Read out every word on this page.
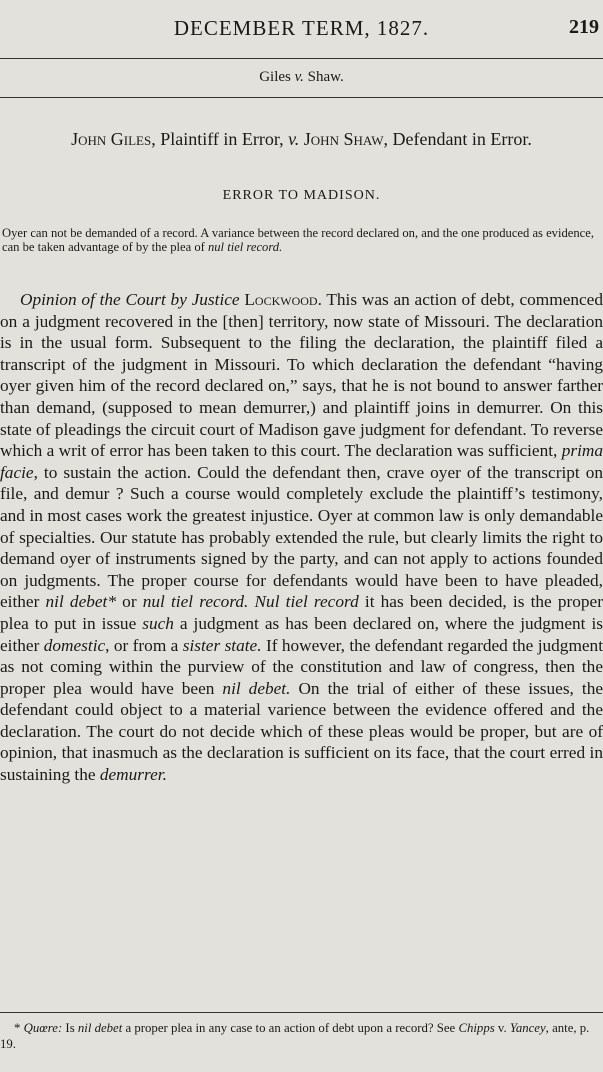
DECEMBER TERM, 1827.	219
Giles v. Shaw.
John Giles, Plaintiff in Error, v. John Shaw, Defendant in Error.
ERROR TO MADISON.
Oyer can not be demanded of a record. A variance between the record declared on, and the one produced as evidence, can be taken advantage of by the plea of nul tiel record.

Opinion of the Court by Justice Lockwood. This was an action of debt, commenced on a judgment recovered in the [then] territory, now state of Missouri. The declaration is in the usual form. Subsequent to the filing the declaration, the plaintiff filed a transcript of the judgment in Missouri. To which declaration the defendant “having oyer given him of the record declared on,” says, that he is not bound to answer farther than demand, (supposed to mean demurrer,) and plaintiff joins in demurrer. On this state of pleadings the circuit court of Madison gave judgment for defendant. To reverse which a writ of error has been taken to this court. The declaration was sufficient, prima facie, to sustain the action. Could the defendant then, crave oyer of the transcript on file, and demur ? Such a course would completely exclude the plaintiff’s testimony, and in most cases work the greatest injustice. Oyer at common law is only demandable of specialties. Our statute has probably extended the rule, but clearly limits the right to demand oyer of instruments signed by the party, and can not apply to actions founded on judgments. The proper course for defendants would have been to have pleaded, either nil debet* or nul tiel record. Nul tiel record it has been decided, is the proper plea to put in issue such a judgment as has been declared on, where the judgment is either domestic, or from a sister state. If however, the defendant regarded the judgment as not coming within the purview of the constitution and law of congress, then the proper plea would have been nil debet. On the trial of either of these issues, the defendant could object to a material varience between the evidence offered and the declaration. The court do not decide which of these pleas would be proper, but are of opinion, that inasmuch as the declaration is sufficient on its face, that the court erred in sustaining the demurrer.

* Quœre: Is nil debet a proper plea in any case to an action of debt upon a record? See Chipps v. Yancey, ante, p. 19.
